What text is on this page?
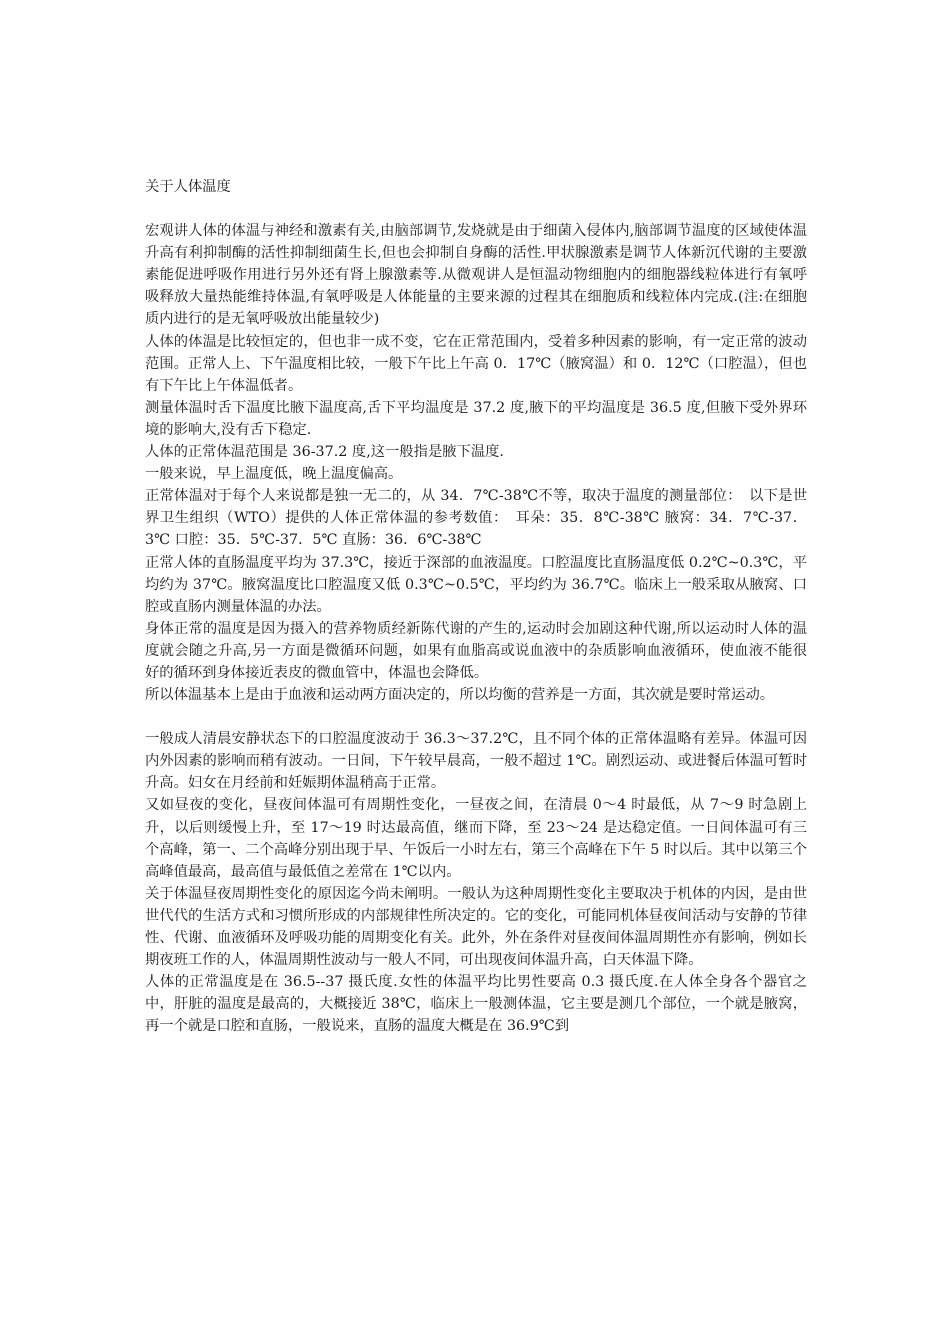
关于人体温度

宏观讲人体的体温与神经和激素有关,由脑部调节,发烧就是由于细菌入侵体内,脑部调节温度的区域使体温升高有利抑制酶的活性抑制细菌生长,但也会抑制自身酶的活性.甲状腺激素是调节人体新沉代谢的主要激素能促进呼吸作用进行另外还有肾上腺激素等.从微观讲人是恒温动物细胞内的细胞器线粒体进行有氧呼吸释放大量热能维持体温,有氧呼吸是人体能量的主要来源的过程其在细胞质和线粒体内完成.(注:在细胞质内进行的是无氧呼吸放出能量较少)

人体的体温是比较恒定的，但也非一成不变，它在正常范围内，受着多种因素的影响，有一定正常的波动范围。正常人上、下午温度相比较，一般下午比上午高 0．17℃（腋窝温）和 0．12℃（口腔温），但也有下午比上午体温低者。

测量体温时舌下温度比腋下温度高,舌下平均温度是 37.2 度,腋下的平均温度是 36.5 度,但腋下受外界环境的影响大,没有舌下稳定.

人体的正常体温范围是 36-37.2 度,这一般指是腋下温度.

一般来说，早上温度低，晚上温度偏高。

正常体温对于每个人来说都是独一无二的，从 34．7℃-38℃不等，取决于温度的测量部位：　以下是世界卫生组织（WTO）提供的人体正常体温的参考数值：　耳朵：35．8℃-38℃ 腋窝：34．7℃-37．3℃ 口腔：35．5℃-37．5℃ 直肠：36．6℃-38℃

正常人体的直肠温度平均为 37.3℃，接近于深部的血液温度。口腔温度比直肠温度低 0.2℃~0.3℃，平均约为 37℃。腋窝温度比口腔温度又低 0.3℃~0.5℃，平均约为 36.7℃。临床上一般采取从腋窝、口腔或直肠内测量体温的办法。

身体正常的温度是因为摄入的营养物质经新陈代谢的产生的,运动时会加剧这种代谢,所以运动时人体的温度就会随之升高,另一方面是微循环问题，如果有血脂高或说血液中的杂质影响血液循环，使血液不能很好的循环到身体接近表皮的微血管中，体温也会降低。

所以体温基本上是由于血液和运动两方面决定的，所以均衡的营养是一方面，其次就是要时常运动。

一般成人清晨安静状态下的口腔温度波动于 36.3～37.2℃，且不同个体的正常体温略有差异。体温可因内外因素的影响而稍有波动。一日间，下午较早晨高，一般不超过 1℃。剧烈运动、或进餐后体温可暂时升高。妇女在月经前和妊娠期体温稍高于正常。

又如昼夜的变化，昼夜间体温可有周期性变化，一昼夜之间，在清晨 0～4 时最低，从 7～9 时急剧上升，以后则缓慢上升，至 17～19 时达最高值，继而下降，至 23～24 是达稳定值。一日间体温可有三个高峰，第一、二个高峰分别出现于早、午饭后一小时左右，第三个高峰在下午 5 时以后。其中以第三个高峰值最高，最高值与最低值之差常在 1℃以内。

关于体温昼夜周期性变化的原因迄今尚未阐明。一般认为这种周期性变化主要取决于机体的内因，是由世世代代的生活方式和习惯所形成的内部规律性所决定的。它的变化，可能同机体昼夜间活动与安静的节律性、代谢、血液循环及呼吸功能的周期变化有关。此外，外在条件对昼夜间体温周期性亦有影响，例如长期夜班工作的人，体温周期性波动与一般人不同，可出现夜间体温升高，白天体温下降。

人体的正常温度是在 36.5--37 摄氏度.女性的体温平均比男性要高 0.3 摄氏度.在人体全身各个器官之中，肝脏的温度是最高的，大概接近 38℃，临床上一般测体温，它主要是测几个部位，一个就是腋窝，再一个就是口腔和直肠，一般说来，直肠的温度大概是在 36.9℃到
